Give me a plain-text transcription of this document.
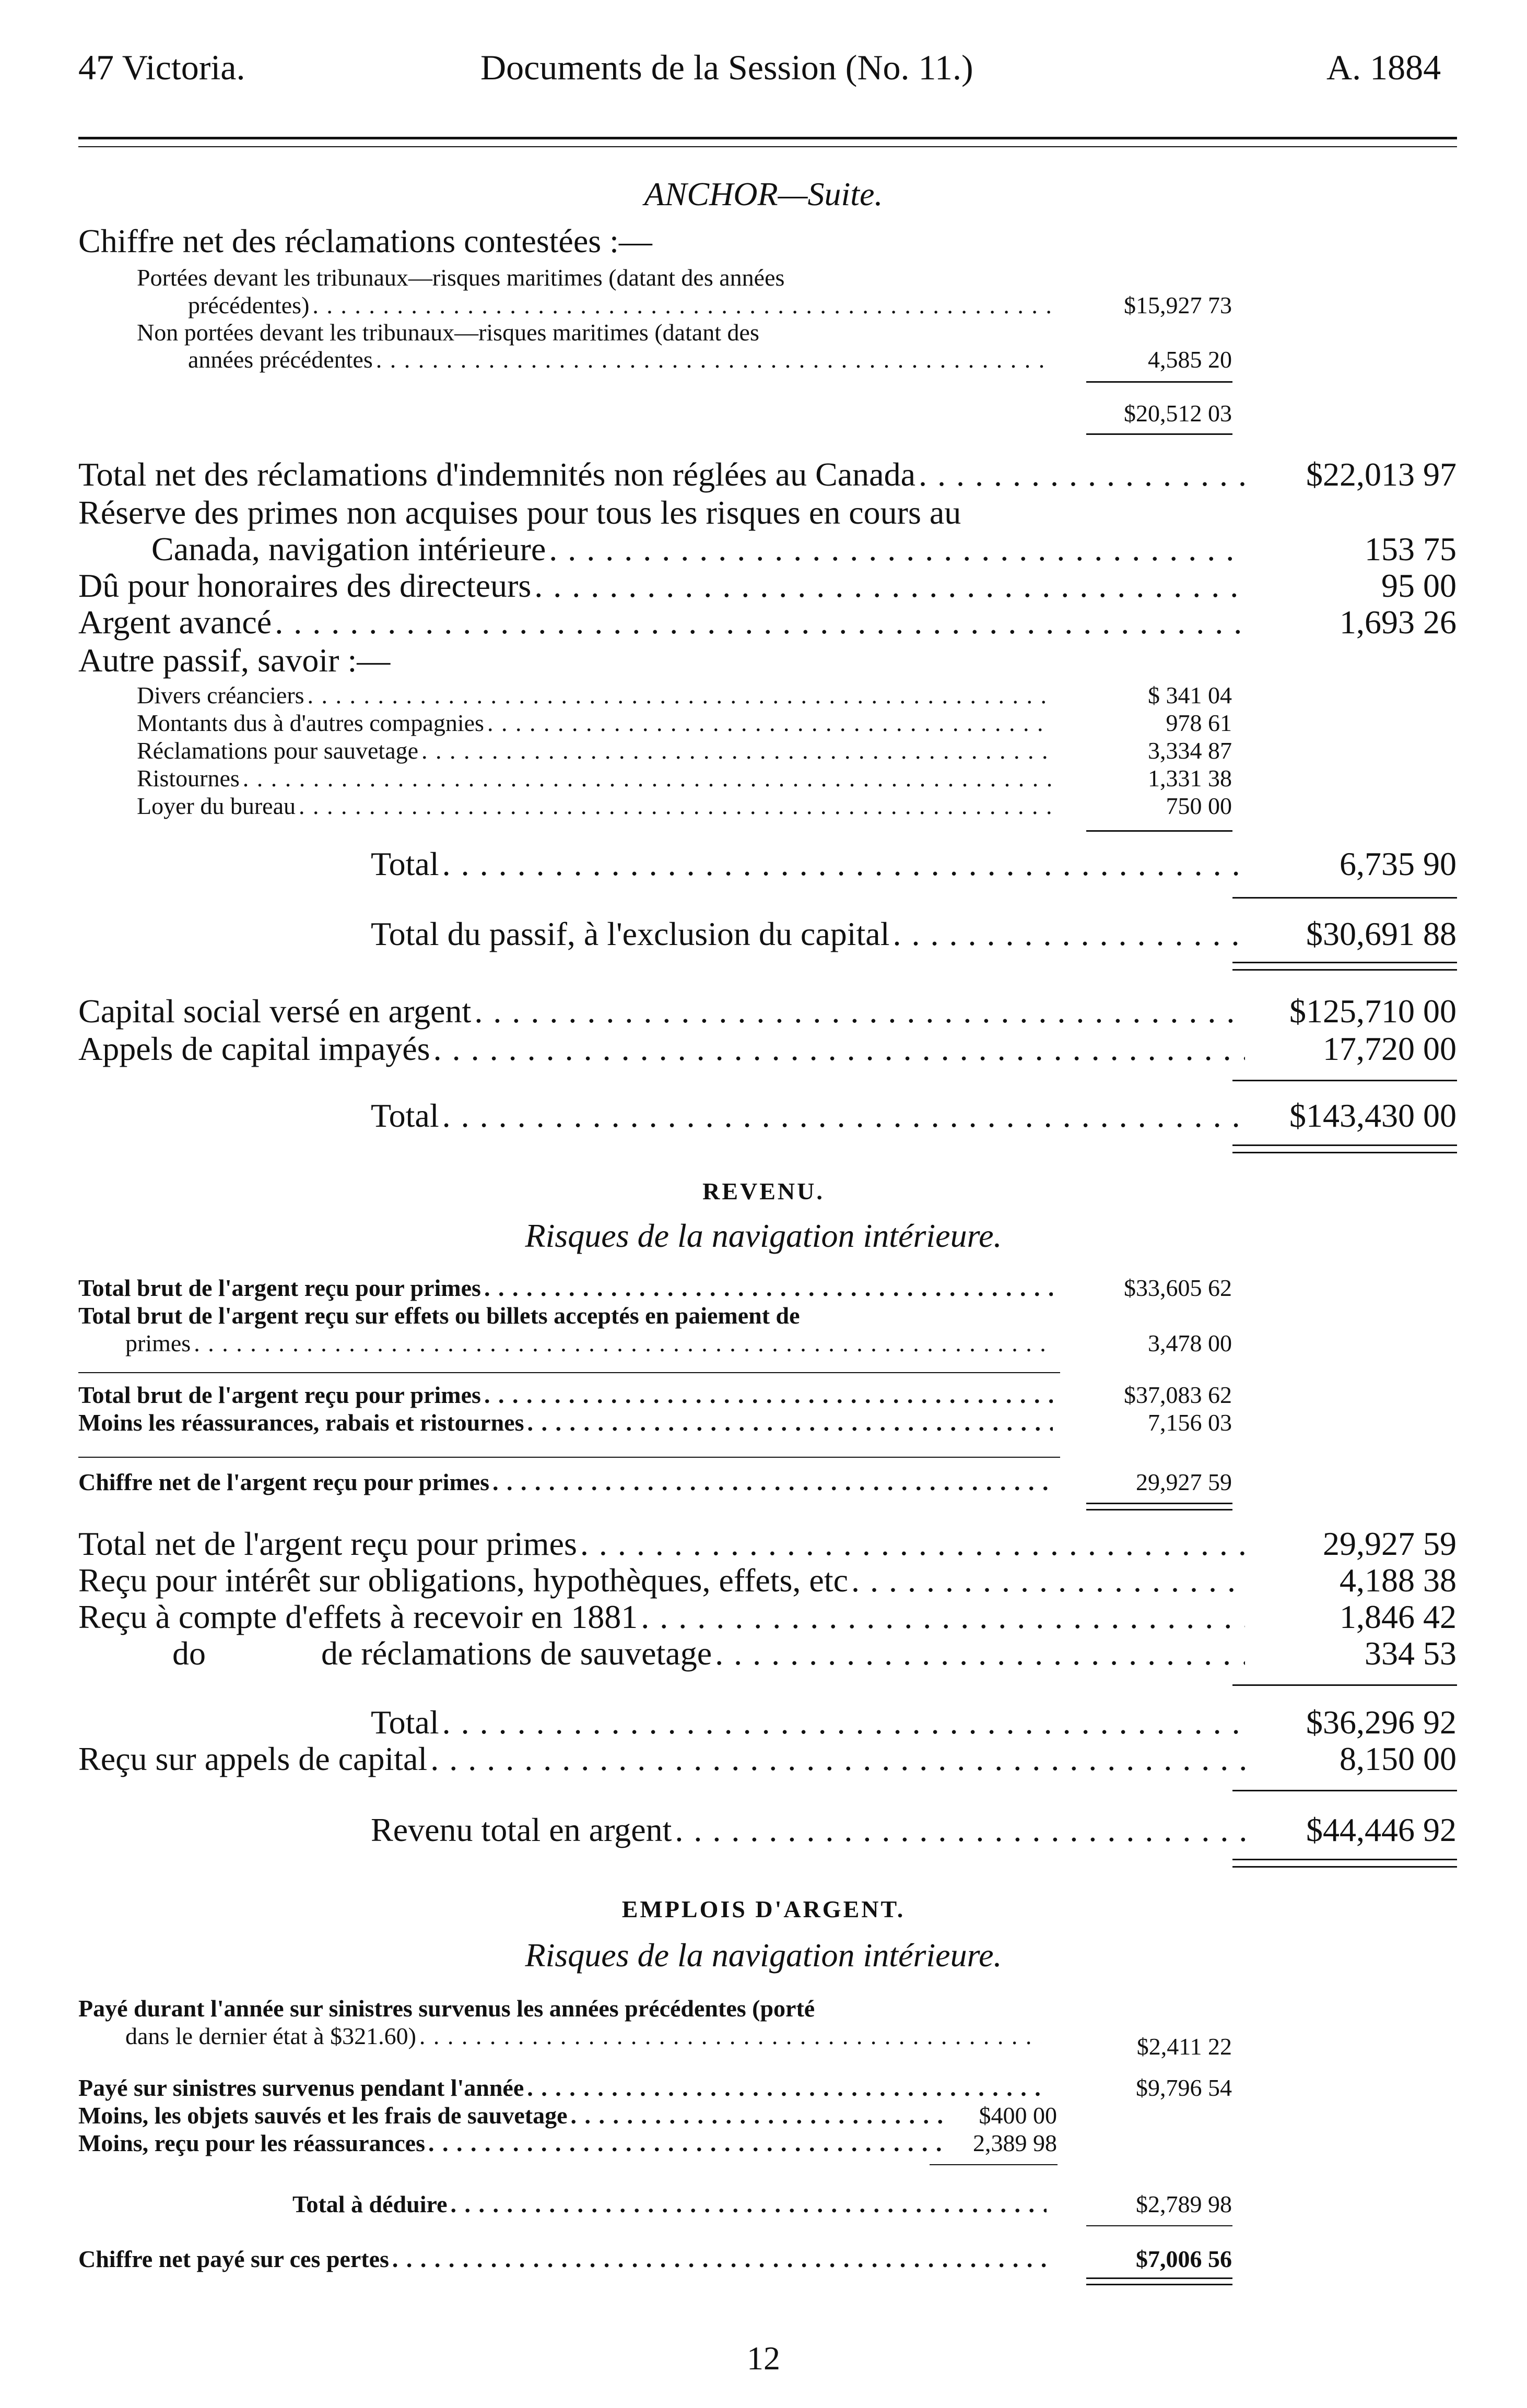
47 Victoria.	Documents de la Session (No. 11.)	A. 1884
ANCHOR—Suite.
Chiffre net des réclamations contestées :—
Portées devant les tribunaux—risques maritimes (datant des années
précédentes) . . .	$15,927 73
Non portées devant les tribunaux—risques maritimes (datant des
années précédentes . . .	4,585 20
$20,512 03
Total net des réclamations d'indemnités non réglées au Canada . . .	$22,013 97
Réserve des primes non acquises pour tous les risques en cours au
Canada, navigation intérieure . . .	153 75
Dû pour honoraires des directeurs . . .	95 00
Argent avancé . . .	1,693 26
Autre passif, savoir :—
Divers créanciers . . .	$ 341 04
Montants dus à d'autres compagnies . . .	978 61
Réclamations pour sauvetage . . .	3,334 87
Ristournes . . .	1,331 38
Loyer du bureau . . .	750 00
Total . . .	6,735 90
Total du passif, à l'exclusion du capital . . .	$30,691 88
Capital social versé en argent . . .	$125,710 00
Appels de capital impayés . . .	17,720 00
Total . . .	$143,430 00
REVENU.
Risques de la navigation intérieure.
Total brut de l'argent reçu pour primes . . .	$33,605 62
Total brut de l'argent reçu sur effets ou billets acceptés en paiement de
primes . . .	3,478 00
Total brut de l'argent reçu pour primes . . .	$37,083 62
Moins les réassurances, rabais et ristournes . . .	7,156 03
Chiffre net de l'argent reçu pour primes . . .	29,927 59
Total net de l'argent reçu pour primes . . .	29,927 59
Reçu pour intérêt sur obligations, hypothèques, effets, etc . . .	4,188 38
Reçu à compte d'effets à recevoir en 1881 . . .	1,846 42
do	de réclamations de sauvetage . . .	334 53
Total . . .	$36,296 92
Reçu sur appels de capital . . .	8,150 00
Revenu total en argent . . .	$44,446 92
EMPLOIS D'ARGENT.
Risques de la navigation intérieure.
Payé durant l'année sur sinistres survenus les années précédentes (porté
dans le dernier état à $321.60) . . .	$2,411 22
Payé sur sinistres survenus pendant l'année . . .	$9,796 54
Moins, les objets sauvés et les frais de sauvetage . . .	$400 00
Moins, reçu pour les réassurances . . .	2,389 98
Total à déduire . . .	$2,789 98
Chiffre net payé sur ces pertes . . .	$7,006 56
12
